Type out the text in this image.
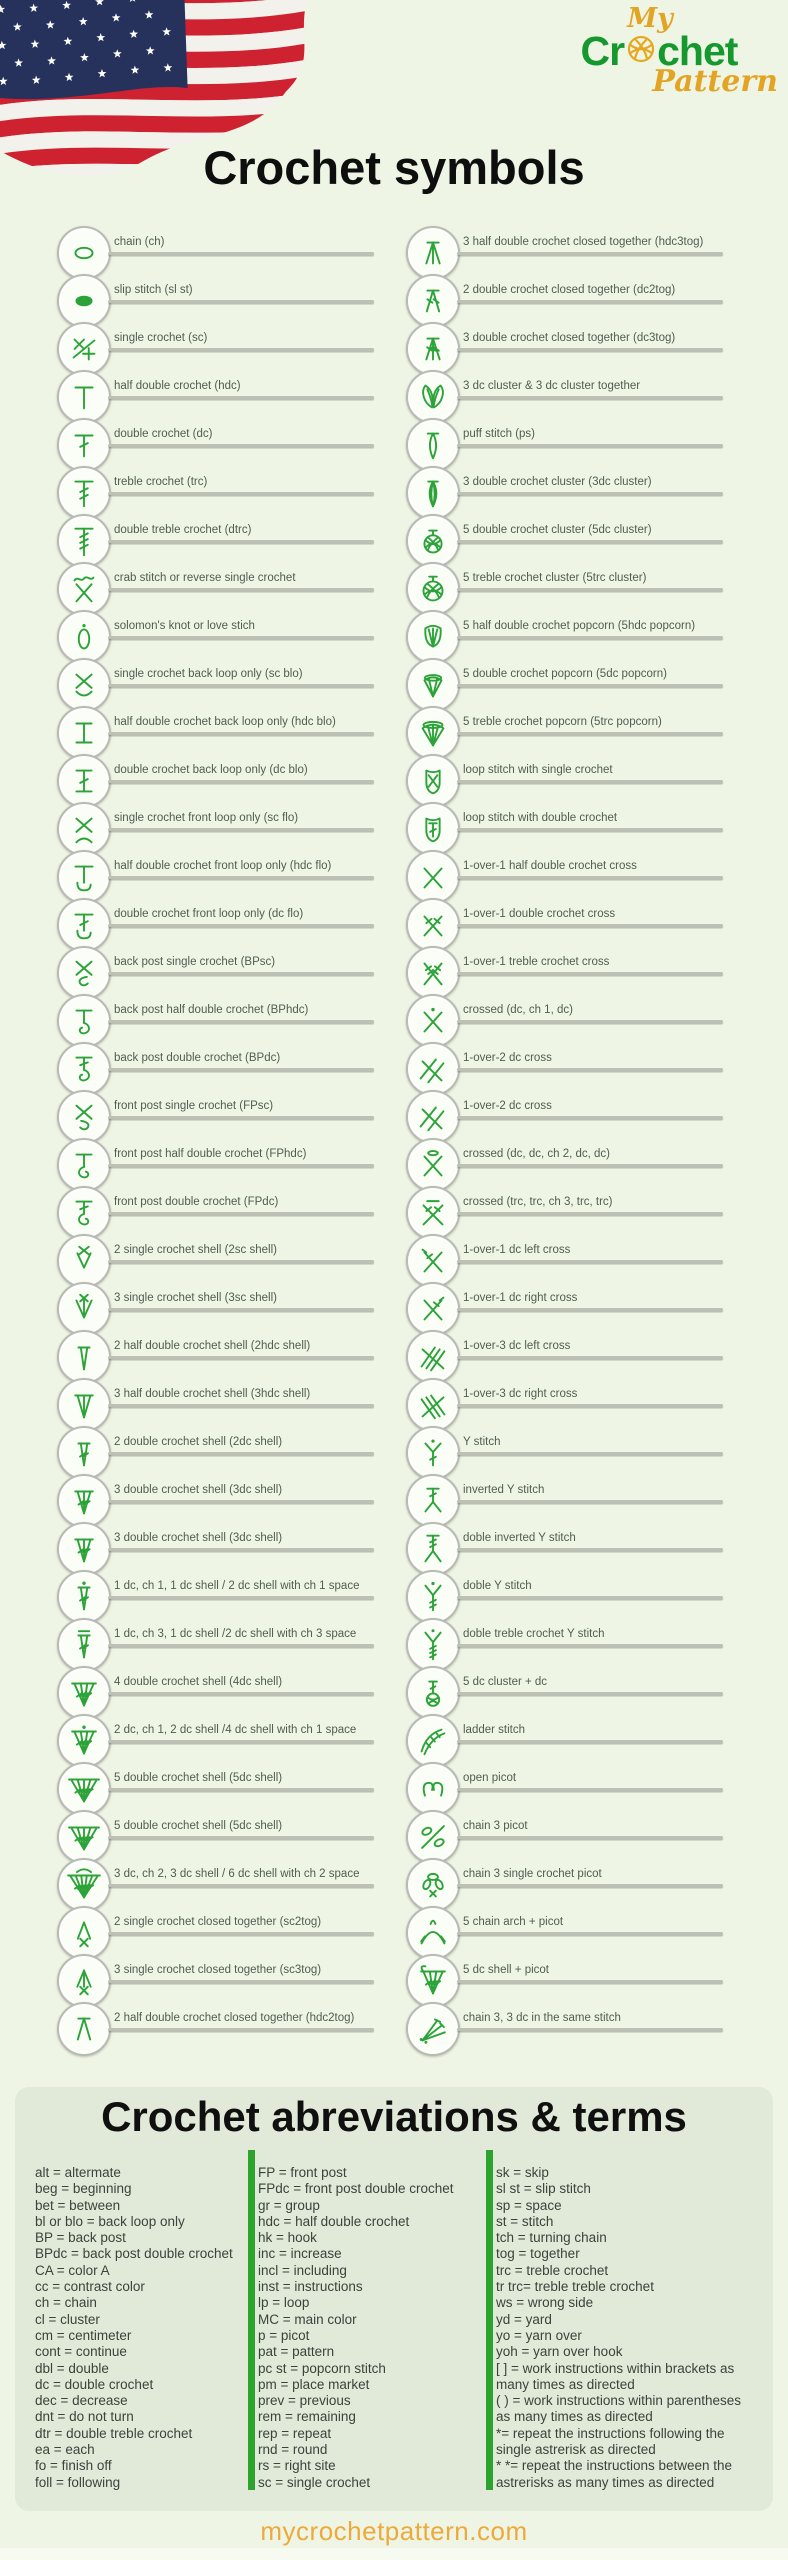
My
Cr chet
Pattern
Crochet symbols
chain (ch)
slip stitch (sl st)
single crochet (sc)
half double crochet (hdc)
double crochet (dc)
treble crochet (trc)
double treble crochet (dtrc)
crab stitch or reverse single crochet
solomon's knot or love stich
single crochet back loop only (sc blo)
half double crochet back loop only (hdc blo)
double crochet back loop only (dc blo)
single crochet front loop only (sc flo)
half double crochet front loop only (hdc flo)
double crochet front loop only (dc flo)
back post single crochet (BPsc)
back post half double crochet (BPhdc)
back post double crochet (BPdc)
front post single crochet (FPsc)
front post half double crochet (FPhdc)
front post double crochet (FPdc)
2 single crochet shell (2sc shell)
3 single crochet shell (3sc shell)
2 half double crochet shell (2hdc shell)
3 half double crochet shell (3hdc shell)
2 double crochet shell (2dc shell)
3 double crochet shell (3dc shell)
3 double crochet shell (3dc shell)
1 dc, ch 1, 1 dc shell / 2 dc shell with ch 1 space
1 dc, ch 3, 1 dc shell /2 dc shell with ch 3 space
4 double crochet shell (4dc shell)
2 dc, ch 1, 2 dc shell /4 dc shell with ch 1 space
5 double crochet shell (5dc shell)
5 double crochet shell (5dc shell)
3 dc, ch 2, 3 dc shell / 6 dc shell with ch 2 space
2 single crochet closed together (sc2tog)
3 single crochet closed together (sc3tog)
2 half double crochet closed together (hdc2tog)
3 half double crochet closed together (hdc3tog)
2 double crochet closed together (dc2tog)
3 double crochet closed together (dc3tog)
3 dc cluster & 3 dc cluster together
puff stitch (ps)
3 double crochet cluster (3dc cluster)
5 double crochet cluster (5dc cluster)
5 treble crochet cluster (5trc cluster)
5 half double crochet popcorn (5hdc popcorn)
5 double crochet popcorn (5dc popcorn)
5 treble crochet popcorn (5trc popcorn)
loop stitch with single crochet
loop stitch with double crochet
1-over-1 half double crochet cross
1-over-1 double crochet cross
1-over-1 treble crochet cross
crossed (dc, ch 1, dc)
1-over-2 dc cross
1-over-2 dc cross
crossed (dc, dc, ch 2, dc, dc)
crossed (trc, trc, ch 3, trc, trc)
1-over-1 dc left cross
1-over-1 dc right cross
1-over-3 dc left cross
1-over-3 dc right cross
Y stitch
inverted Y stitch
doble inverted Y stitch
doble Y stitch
doble treble crochet Y stitch
5 dc cluster + dc
ladder stitch
open picot
chain 3 picot
chain 3 single crochet picot
5 chain arch + picot
5 dc shell + picot
chain 3, 3 dc in the same stitch
Crochet abreviations & terms
alt = altermate
beg = beginning
bet = between
bl or blo = back loop only
BP = back post
BPdc = back post double crochet
CA = color A
cc = contrast color
ch = chain
cl = cluster
cm = centimeter
cont = continue
dbl = double
dc = double crochet
dec = decrease
dnt = do not turn
dtr = double treble crochet
ea = each
fo = finish off
foll = following
FP = front post
FPdc = front post double crochet
gr = group
hdc = half double crochet
hk = hook
inc = increase
incl = including
inst = instructions
lp = loop
MC = main color
p = picot
pat = pattern
pc st = popcorn stitch
pm = place market
prev = previous
rem = remaining
rep = repeat
rnd = round
rs = right site
sc = single crochet
sk = skip
sl st = slip stitch
sp = space
st = stitch
tch = turning chain
tog = together
trc = treble crochet
tr trc= treble treble crochet
ws = wrong side
yd = yard
yo = yarn over
yoh = yarn over hook
[ ] = work instructions within brackets as many times as directed
( ) = work instructions within parentheses as many times as directed
*= repeat the instructions following the single astrerisk as directed
* *= repeat the instructions between the astrerisks as many times as directed
mycrochetpattern.com
